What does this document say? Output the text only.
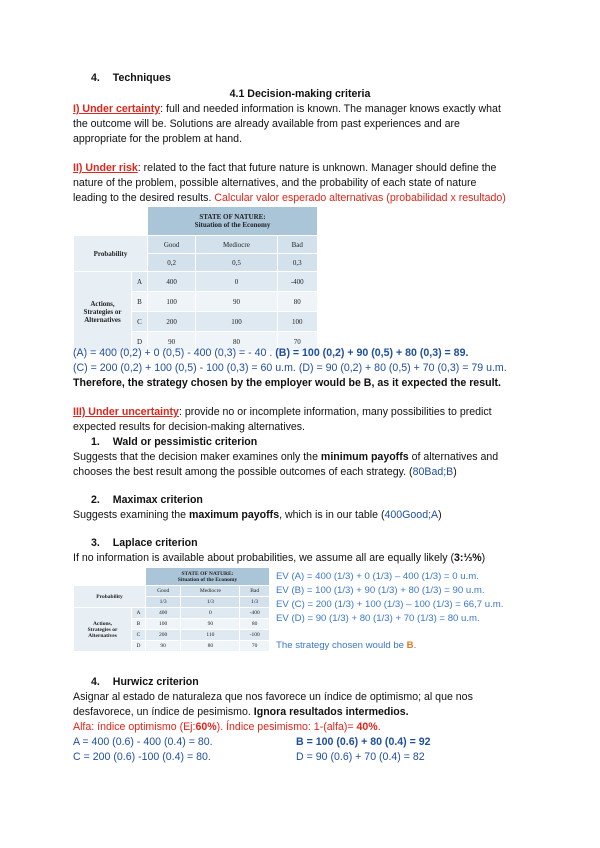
4. Techniques
4.1 Decision-making criteria
I) Under certainty: full and needed information is known. The manager knows exactly what
the outcome will be. Solutions are already available from past experiences and are
appropriate for the problem at hand.
II) Under risk: related to the fact that future nature is unknown. Manager should define the
nature of the problem, possible alternatives, and the probability of each state of nature
leading to the desired results. Calcular valor esperado alternativas (probabilidad x resultado)

		STATE OF NATURE:
Situation of the Economy		

Probability		Good	Mediocre	Bad
		0,2	0,5	0,3

Actions,
Strategies or
Alternatives	A	400	0	-400
	B	100	90	80
	C	200	100	100
	D	90	80	70
(A) = 400 (0,2) + 0 (0,5) - 400 (0,3) = - 40 . (B) = 100 (0,2) + 90 (0,5) + 80 (0,3) = 89.
(C) = 200 (0,2) + 100 (0,5) - 100 (0,3) = 60 u.m. (D) = 90 (0,2) + 80 (0,5) + 70 (0,3) = 79 u.m.
Therefore, the strategy chosen by the employer would be B, as it expected the result.
III) Under uncertainty: provide no or incomplete information, many possibilities to predict
expected results for decision-making alternatives.
1. Wald or pessimistic criterion
Suggests that the decision maker examines only the minimum payoffs of alternatives and
chooses the best result among the possible outcomes of each strategy. (80Bad;B)
2. Maximax criterion
Suggests examining the maximum payoffs, which is in our table (400Good;A)
3. Laplace criterion
If no information is available about probabilities, we assume all are equally likely (3:⅓%)

		STATE OF NATURE:
Situation of the Economy		

Probability		Good	Mediocre	Bad
		1/3	1/3	1/3

Actions,
Strategies or
Alternatives	A	400	0	-400
	B	100	90	80
	C	200	110	-100
	D	90	80	70
EV (A) = 400 (1/3) + 0 (1/3) – 400 (1/3) = 0 u.m.
EV (B) = 100 (1/3) + 90 (1/3) + 80 (1/3) = 90 u.m.
EV (C) = 200 (1/3) + 100 (1/3) – 100 (1/3) = 66,7 u.m.
EV (D) = 90 (1/3) + 80 (1/3) + 70 (1/3) = 80 u.m.
The strategy chosen would be B.
4. Hurwicz criterion
Asignar al estado de naturaleza que nos favorece un índice de optimismo; al que nos
desfavorece, un índice de pesimismo. Ignora resultados intermedios.
Alfa: índice optimismo (Ej:60%). Índice pesimismo: 1-(alfa)= 40%.
A = 400 (0.6) - 400 (0.4) = 80.	B = 100 (0.6) + 80 (0.4) = 92
C = 200 (0.6) -100 (0.4) = 80.	D = 90 (0.6) + 70 (0.4) = 82
